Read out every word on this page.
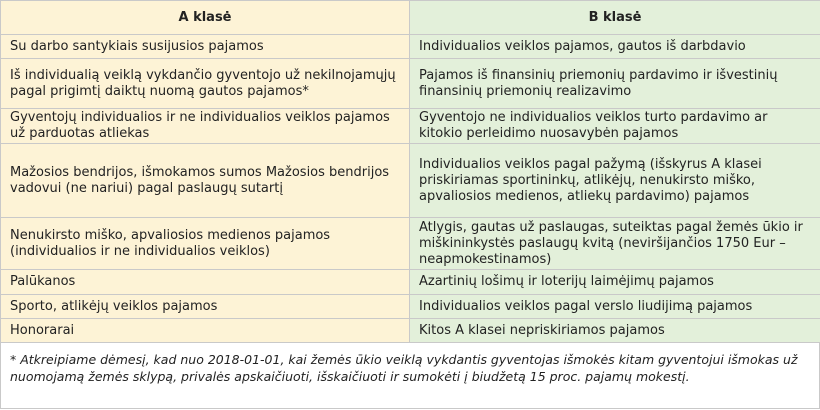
A klasė	B klasė
Su darbo santykiais susijusios pajamos	Individualios veiklos pajamos, gautos iš darbdavio
Iš individualią veiklą vykdančio gyventojo už nekilnojamųjų pagal prigimtį daiktų nuomą gautos pajamos*	Pajamos iš finansinių priemonių pardavimo ir išvestinių finansinių priemonių realizavimo
Gyventojų individualios ir ne individualios veiklos pajamos už parduotas atliekas	Gyventojo ne individualios veiklos turto pardavimo ar kitokio perleidimo nuosavybėn pajamos
Mažosios bendrijos, išmokamos sumos Mažosios bendrijos vadovui (ne nariui) pagal paslaugų sutartį	Individualios veiklos pagal pažymą (išskyrus A klasei priskiriamas sportininkų, atlikėjų, nenukirsto miško, apvaliosios medienos, atliekų pardavimo) pajamos
Nenukirsto miško, apvaliosios medienos pajamos (individualios ir ne individualios veiklos)	Atlygis, gautas už paslaugas, suteiktas pagal žemės ūkio ir miškininkystės paslaugų kvitą (neviršijančios 1750 Eur – neapmokestinamos)
Palūkanos	Azartinių lošimų ir loterijų laimėjimų pajamos
Sporto, atlikėjų veiklos pajamos	Individualios veiklos pagal verslo liudijimą pajamos
Honorarai	Kitos A klasei nepriskiriamos pajamos
* Atkreipiame dėmesį, kad nuo 2018-01-01, kai žemės ūkio veiklą vykdantis gyventojas išmokės kitam gyventojui išmokas už nuomojamą žemės sklypą, privalės apskaičiuoti, išskaičiuoti ir sumokėti į biudžetą 15 proc. pajamų mokestį.
